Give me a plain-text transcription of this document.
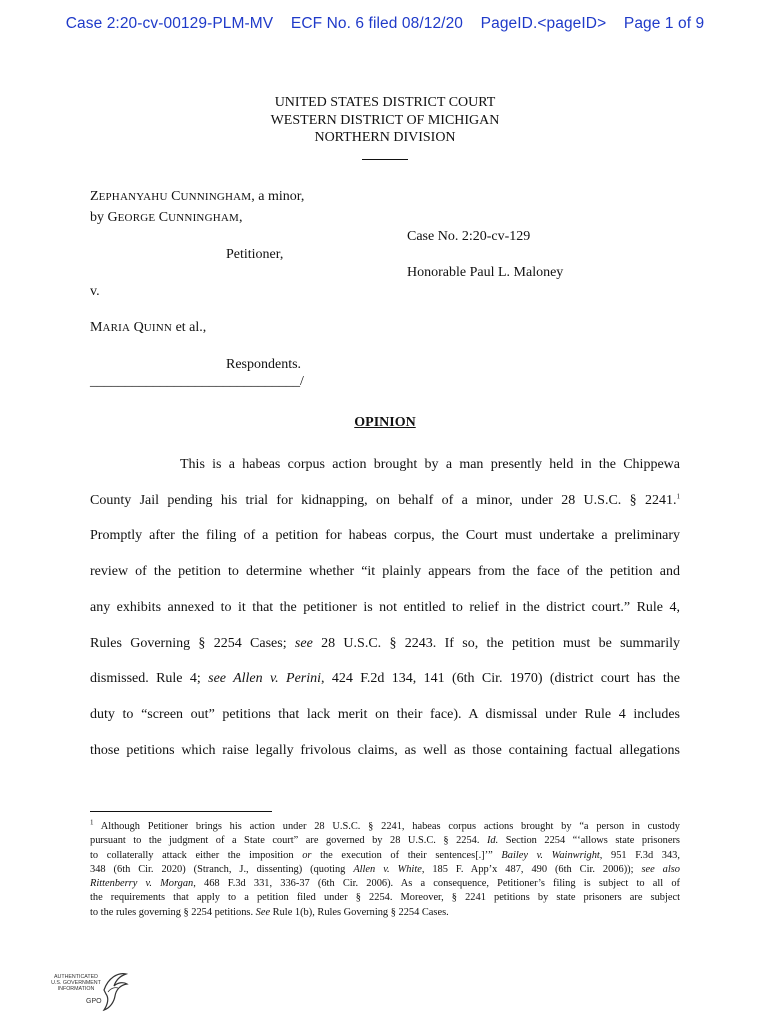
Case 2:20-cv-00129-PLM-MV ECF No. 6 filed 08/12/20 PageID.<pageID> Page 1 of 9
UNITED STATES DISTRICT COURT
WESTERN DISTRICT OF MICHIGAN
NORTHERN DIVISION
ZEPHANYAHU CUNNINGHAM, a minor,
by GEORGE CUNNINGHAM,
Case No. 2:20-cv-129
Petitioner,
Honorable Paul L. Maloney
v.
MARIA QUINN et al.,
Respondents.
______________________________/
OPINION
This is a habeas corpus action brought by a man presently held in the Chippewa
County Jail pending his trial for kidnapping, on behalf of a minor, under 28 U.S.C. § 2241.$^1$
Promptly after the filing of a petition for habeas corpus, the Court must undertake a preliminary
review of the petition to determine whether “it plainly appears from the face of the petition and
any exhibits annexed to it that the petitioner is not entitled to relief in the district court.” Rule 4,
Rules Governing § 2254 Cases; see 28 U.S.C. § 2243. If so, the petition must be summarily
dismissed. Rule 4; see Allen v. Perini, 424 F.2d 134, 141 (6th Cir. 1970) (district court has the
duty to “screen out” petitions that lack merit on their face). A dismissal under Rule 4 includes
those petitions which raise legally frivolous claims, as well as those containing factual allegations
$^1$ Although Petitioner brings his action under 28 U.S.C. § 2241, habeas corpus actions brought by “a person in custody
pursuant to the judgment of a State court” are governed by 28 U.S.C. § 2254. Id. Section 2254 “‘allows state prisoners
to collaterally attack either the imposition or the execution of their sentences[.]’” Bailey v. Wainwright, 951 F.3d 343,
348 (6th Cir. 2020) (Stranch, J., dissenting) (quoting Allen v. White, 185 F. App’x 487, 490 (6th Cir. 2006)); see also
Rittenberry v. Morgan, 468 F.3d 331, 336-37 (6th Cir. 2006). As a consequence, Petitioner’s filing is subject to all of
the requirements that apply to a petition filed under § 2254. Moreover, § 2241 petitions by state prisoners are subject
to the rules governing § 2254 petitions. See Rule 1(b), Rules Governing § 2254 Cases.
AUTHENTICATED
U.S. GOVERNMENT
INFORMATION
GPO
